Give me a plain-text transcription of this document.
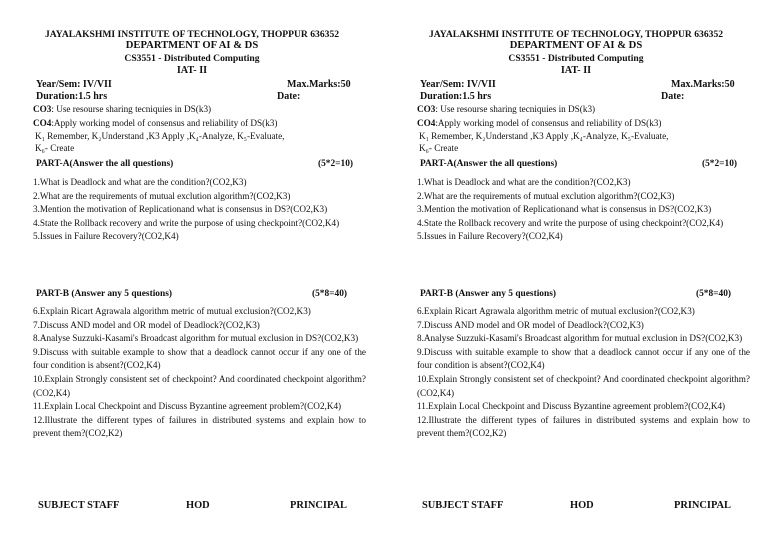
JAYALAKSHMI INSTITUTE OF TECHNOLOGY, THOPPUR 636352
DEPARTMENT OF AI & DS
CS3551 - Distributed Computing
IAT- II
Year/Sem: IV/VII	Max.Marks:50
Duration:1.5 hrs	Date:
CO3: Use resourse sharing tecniquies in DS(k3)
CO4:Apply working model of consensus and reliability of DS(k3)
K₁ Remember, K₂Understand ,K3 Apply ,K₄-Analyze, K₅-Evaluate,
K₆- Create
PART-A(Answer the all questions)	(5*2=10)

1.What is Deadlock and what are the condition?(CO2,K3)

2.What are the requirements of mutual exclution algorithm?(CO2,K3)

3.Mention the motivation of Replicationand what is consensus in DS?(CO2,K3)

4.State the Rollback recovery and write the purpose of using checkpoint?(CO2,K4)

5.Issues in Failure Recovery?(CO2,K4)

PART-B (Answer any 5 questions)	(5*8=40)

6.Explain Ricart Agrawala algorithm metric of mutual exclusion?(CO2,K3)

7.Discuss AND model and OR model of Deadlock?(CO2,K3)

8.Analyse Suzzuki-Kasami's Broadcast algorithm for mutual exclusion in DS?(CO2,K3)

9.Discuss with suitable example to show that a deadlock cannot occur if any one of the four condition is absent?(CO2,K4)

10.Explain Strongly consistent set of checkpoint? And coordinated checkpoint algorithm?(CO2,K4)

11.Explain Local Checkpoint and Discuss Byzantine agreement problem?(CO2,K4)

12.Illustrate the different types of failures in distributed systems and explain how to prevent them?(CO2,K2)

SUBJECT STAFF	HOD	PRINCIPAL
JAYALAKSHMI INSTITUTE OF TECHNOLOGY, THOPPUR 636352
DEPARTMENT OF AI & DS
CS3551 - Distributed Computing
IAT- II
Year/Sem: IV/VII	Max.Marks:50
Duration:1.5 hrs	Date:
CO3: Use resourse sharing tecniquies in DS(k3)
CO4:Apply working model of consensus and reliability of DS(k3)
K₁ Remember, K₂Understand ,K3 Apply ,K₄-Analyze, K₅-Evaluate,
K₆- Create
PART-A(Answer the all questions)	(5*2=10)

1.What is Deadlock and what are the condition?(CO2,K3)

2.What are the requirements of mutual exclution algorithm?(CO2,K3)

3.Mention the motivation of Replicationand what is consensus in DS?(CO2,K3)

4.State the Rollback recovery and write the purpose of using checkpoint?(CO2,K4)

5.Issues in Failure Recovery?(CO2,K4)

PART-B (Answer any 5 questions)	(5*8=40)

6.Explain Ricart Agrawala algorithm metric of mutual exclusion?(CO2,K3)

7.Discuss AND model and OR model of Deadlock?(CO2,K3)

8.Analyse Suzzuki-Kasami's Broadcast algorithm for mutual exclusion in DS?(CO2,K3)

9.Discuss with suitable example to show that a deadlock cannot occur if any one of the four condition is absent?(CO2,K4)

10.Explain Strongly consistent set of checkpoint? And coordinated checkpoint algorithm?(CO2,K4)

11.Explain Local Checkpoint and Discuss Byzantine agreement problem?(CO2,K4)

12.Illustrate the different types of failures in distributed systems and explain how to prevent them?(CO2,K2)

SUBJECT STAFF	HOD	PRINCIPAL
